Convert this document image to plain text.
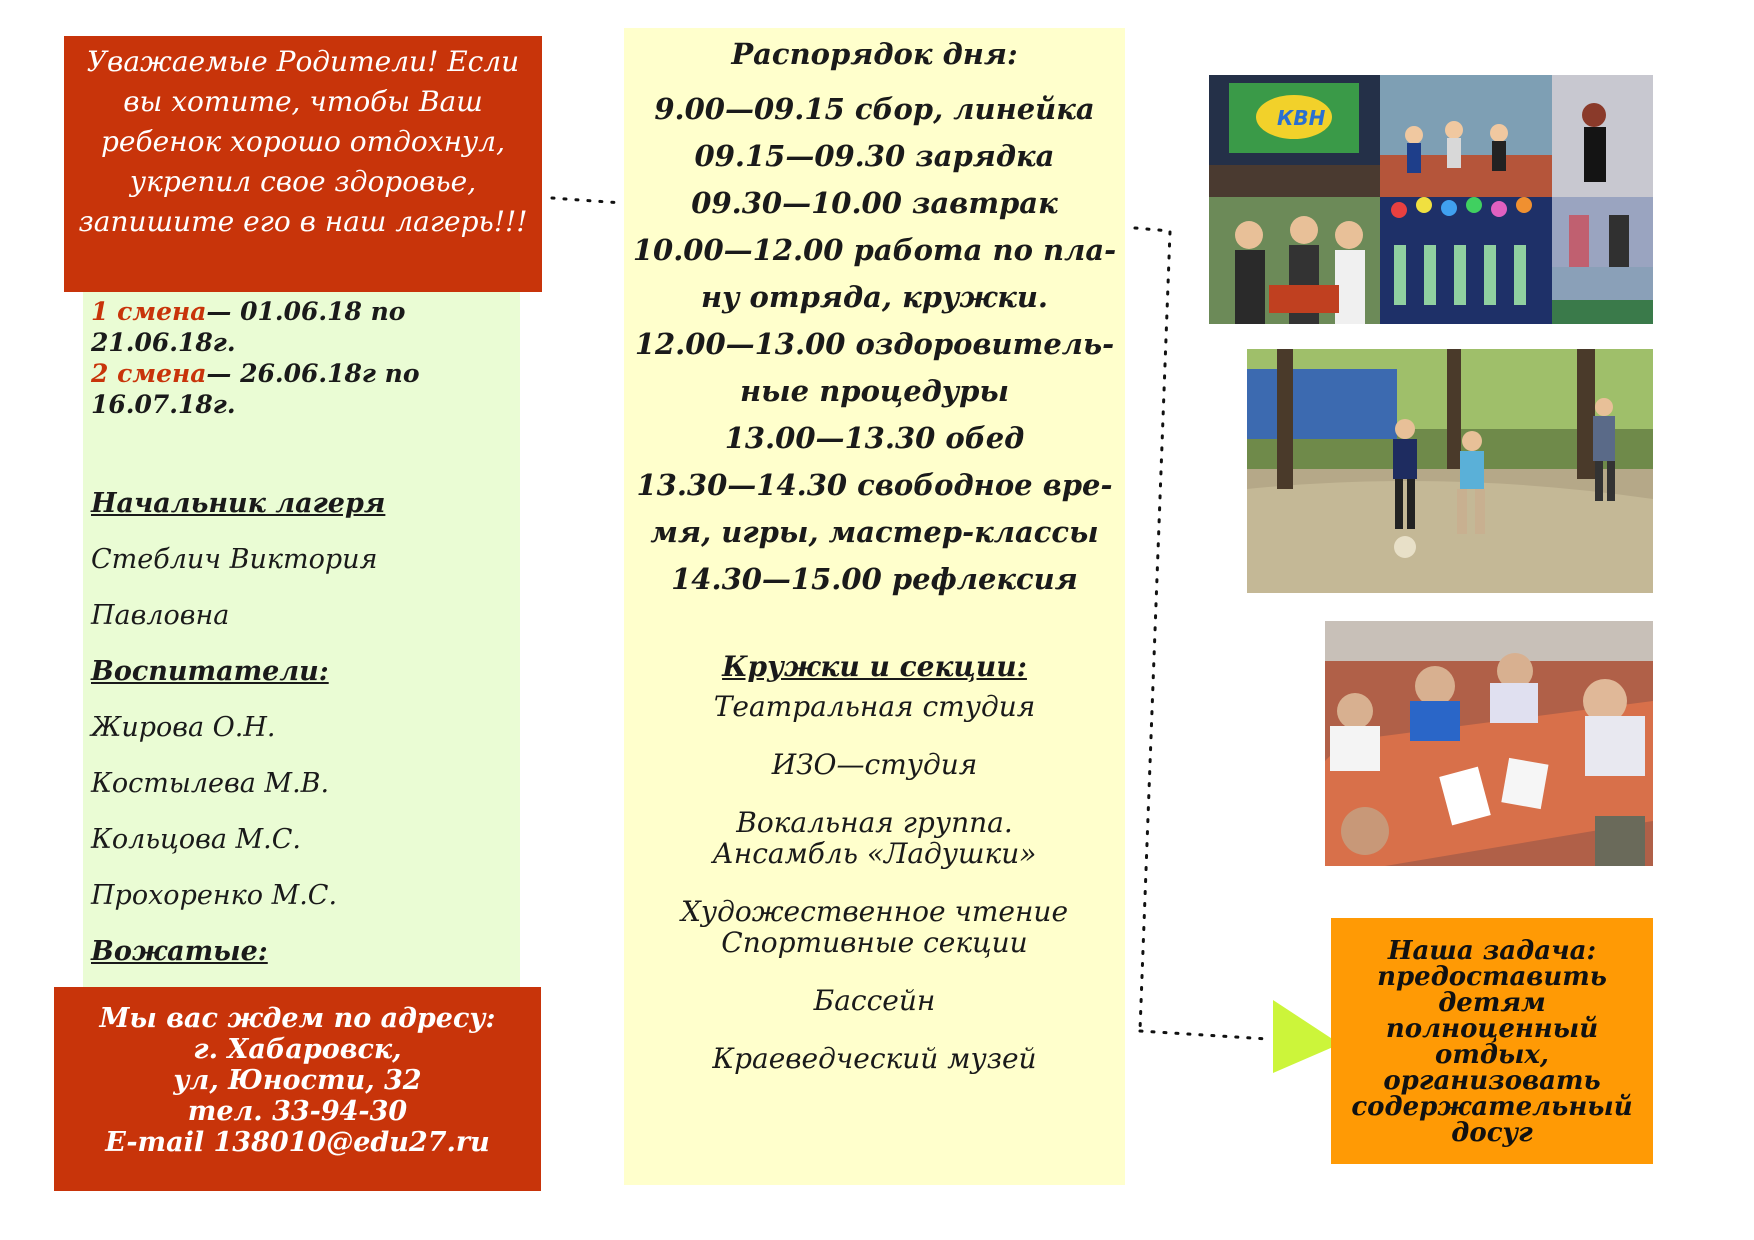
Уважаемые Родители! Если вы хотите, чтобы Ваш ребенок хорошо отдохнул, укрепил свое здоровье, запишите его в наш лагерь!!!

1 смена— 01.06.18 по 21.06.18г.

2 смена— 26.06.18г по 16.07.18г.

Начальник лагеря

Стеблич Виктория

Павловна

Воспитатели:

Жирова О.Н.

Костылева М.В.

Кольцова М.С.

Прохоренко М.С.

Вожатые:

Мы вас ждем по адресу:
г. Хабаровск,
ул, Юности, 32
тел. 33-94-30
E-mail 138010@edu27.ru

Распорядок дня:

9.00—09.15 сбор, линейка
09.15—09.30 зарядка
09.30—10.00 завтрак
10.00—12.00 работа по пла-
ну отряда, кружки.
12.00—13.00 оздоровитель-
ные процедуры
13.00—13.30 обед
13.30—14.30 свободное вре-
мя, игры, мастер-классы
14.30—15.00 рефлексия

Кружки и секции:

Театральная студия
ИЗО—студия
Вокальная группа.
Ансамбль «Ладушки»
Художественное чтение
Спортивные секции
Бассейн
Краеведческий музей
КВН
Наша задача:
предоставить
детям
полноценный
отдых,
организовать
содержательный
досуг
